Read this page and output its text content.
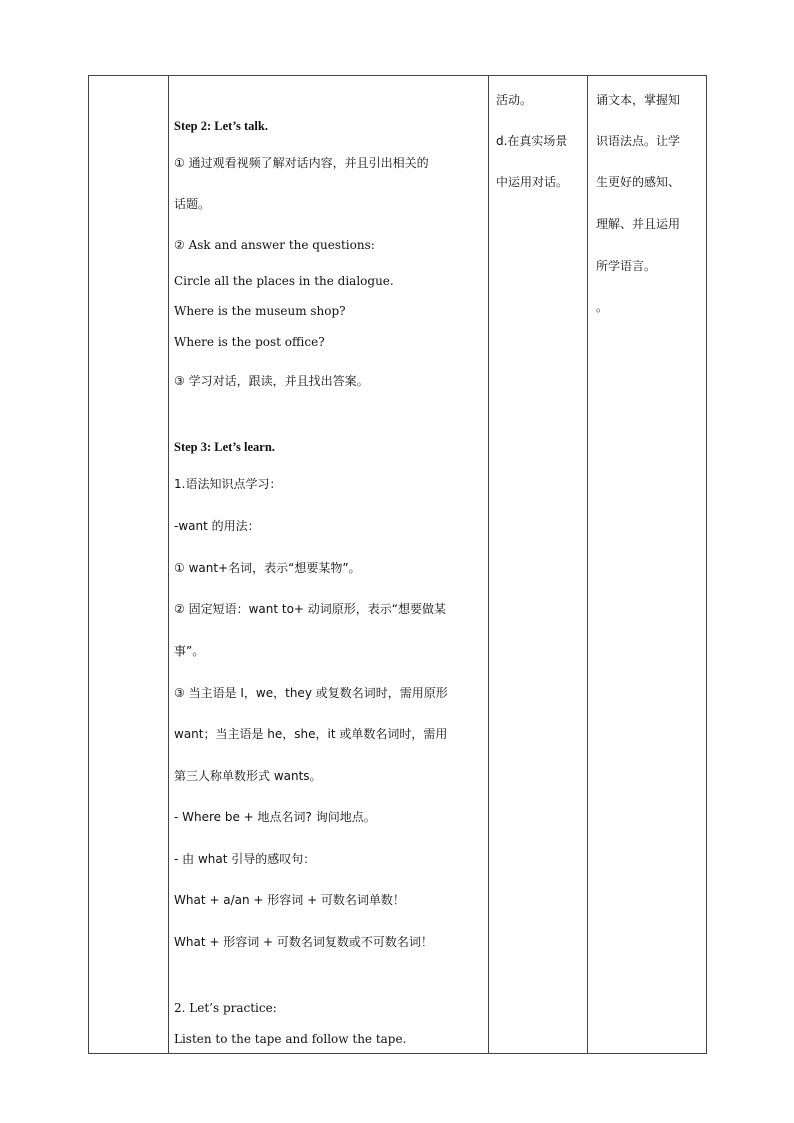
Step 2: Let’s talk.
① 通过观看视频了解对话内容，并且引出相关的
话题。
② Ask and answer the questions:
Circle all the places in the dialogue.
Where is the museum shop?
Where is the post office?
③ 学习对话，跟读，并且找出答案。
Step 3: Let’s learn.
1.语法知识点学习：
-want 的用法：
① want+名词，表示“想要某物”。
② 固定短语：want to+ 动词原形，表示“想要做某
事”。
③ 当主语是 I，we，they 或复数名词时，需用原形
want；当主语是 he，she，it 或单数名词时，需用
第三人称单数形式 wants。
- Where be + 地点名词? 询问地点。
- 由 what 引导的感叹句：
What + a/an + 形容词 + 可数名词单数！
What + 形容词 + 可数名词复数或不可数名词！
2. Let’s practice:
Listen to the tape and follow the tape.
活动。
d.在真实场景
中运用对话。
诵文本，掌握知
识语法点。让学
生更好的感知、
理解、并且运用
所学语言。
。
